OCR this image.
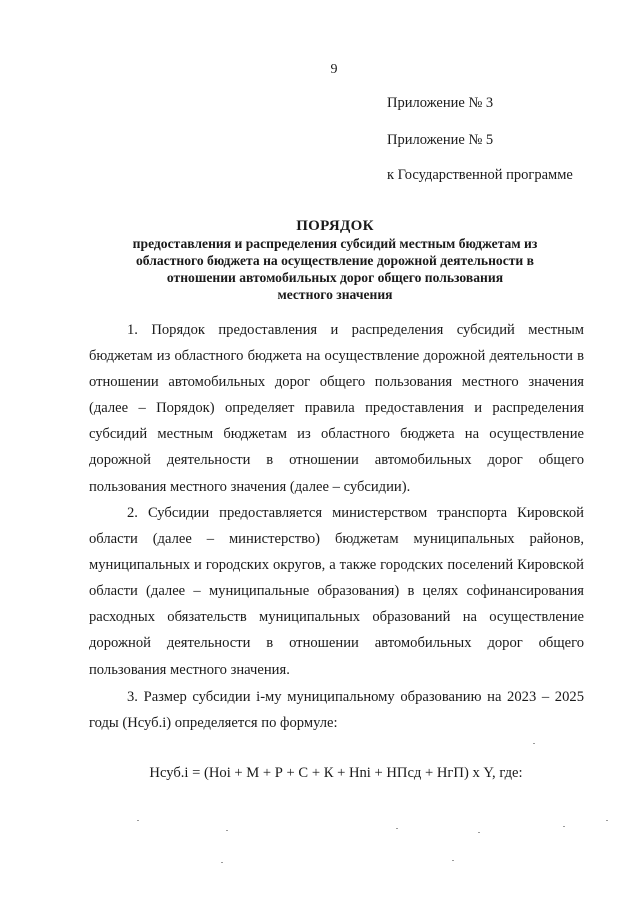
9
Приложение № 3
Приложение № 5
к Государственной программе
ПОРЯДОК
предоставления и распределения субсидий местным бюджетам из
областного бюджета на осуществление дорожной деятельности в
отношении автомобильных дорог общего пользования
местного значения

1. Порядок предоставления и распределения субсидий местным бюджетам из областного бюджета на осуществление дорожной деятельности в отношении автомобильных дорог общего пользования местного значения (далее – Порядок) определяет правила предоставления и распределения субсидий местным бюджетам из областного бюджета на осуществление дорожной деятельности в отношении автомобильных дорог общего пользования местного значения (далее – субсидии).

2. Субсидии предоставляется министерством транспорта Кировской области (далее – министерство) бюджетам муниципальных районов, муниципальных и городских округов, а также городских поселений Кировской области (далее – муниципальные образования) в целях софинансирования расходных обязательств муниципальных образований на осуществление дорожной деятельности в отношении автомобильных дорог общего пользования местного значения.

3. Размер субсидии i-му муниципальному образованию на 2023 – 2025 годы (Нсуб.i) определяется по формуле:

Нсуб.i = (Нoi + М + Р + С + К + Нni + НПсд + НгП) х Y, где:
